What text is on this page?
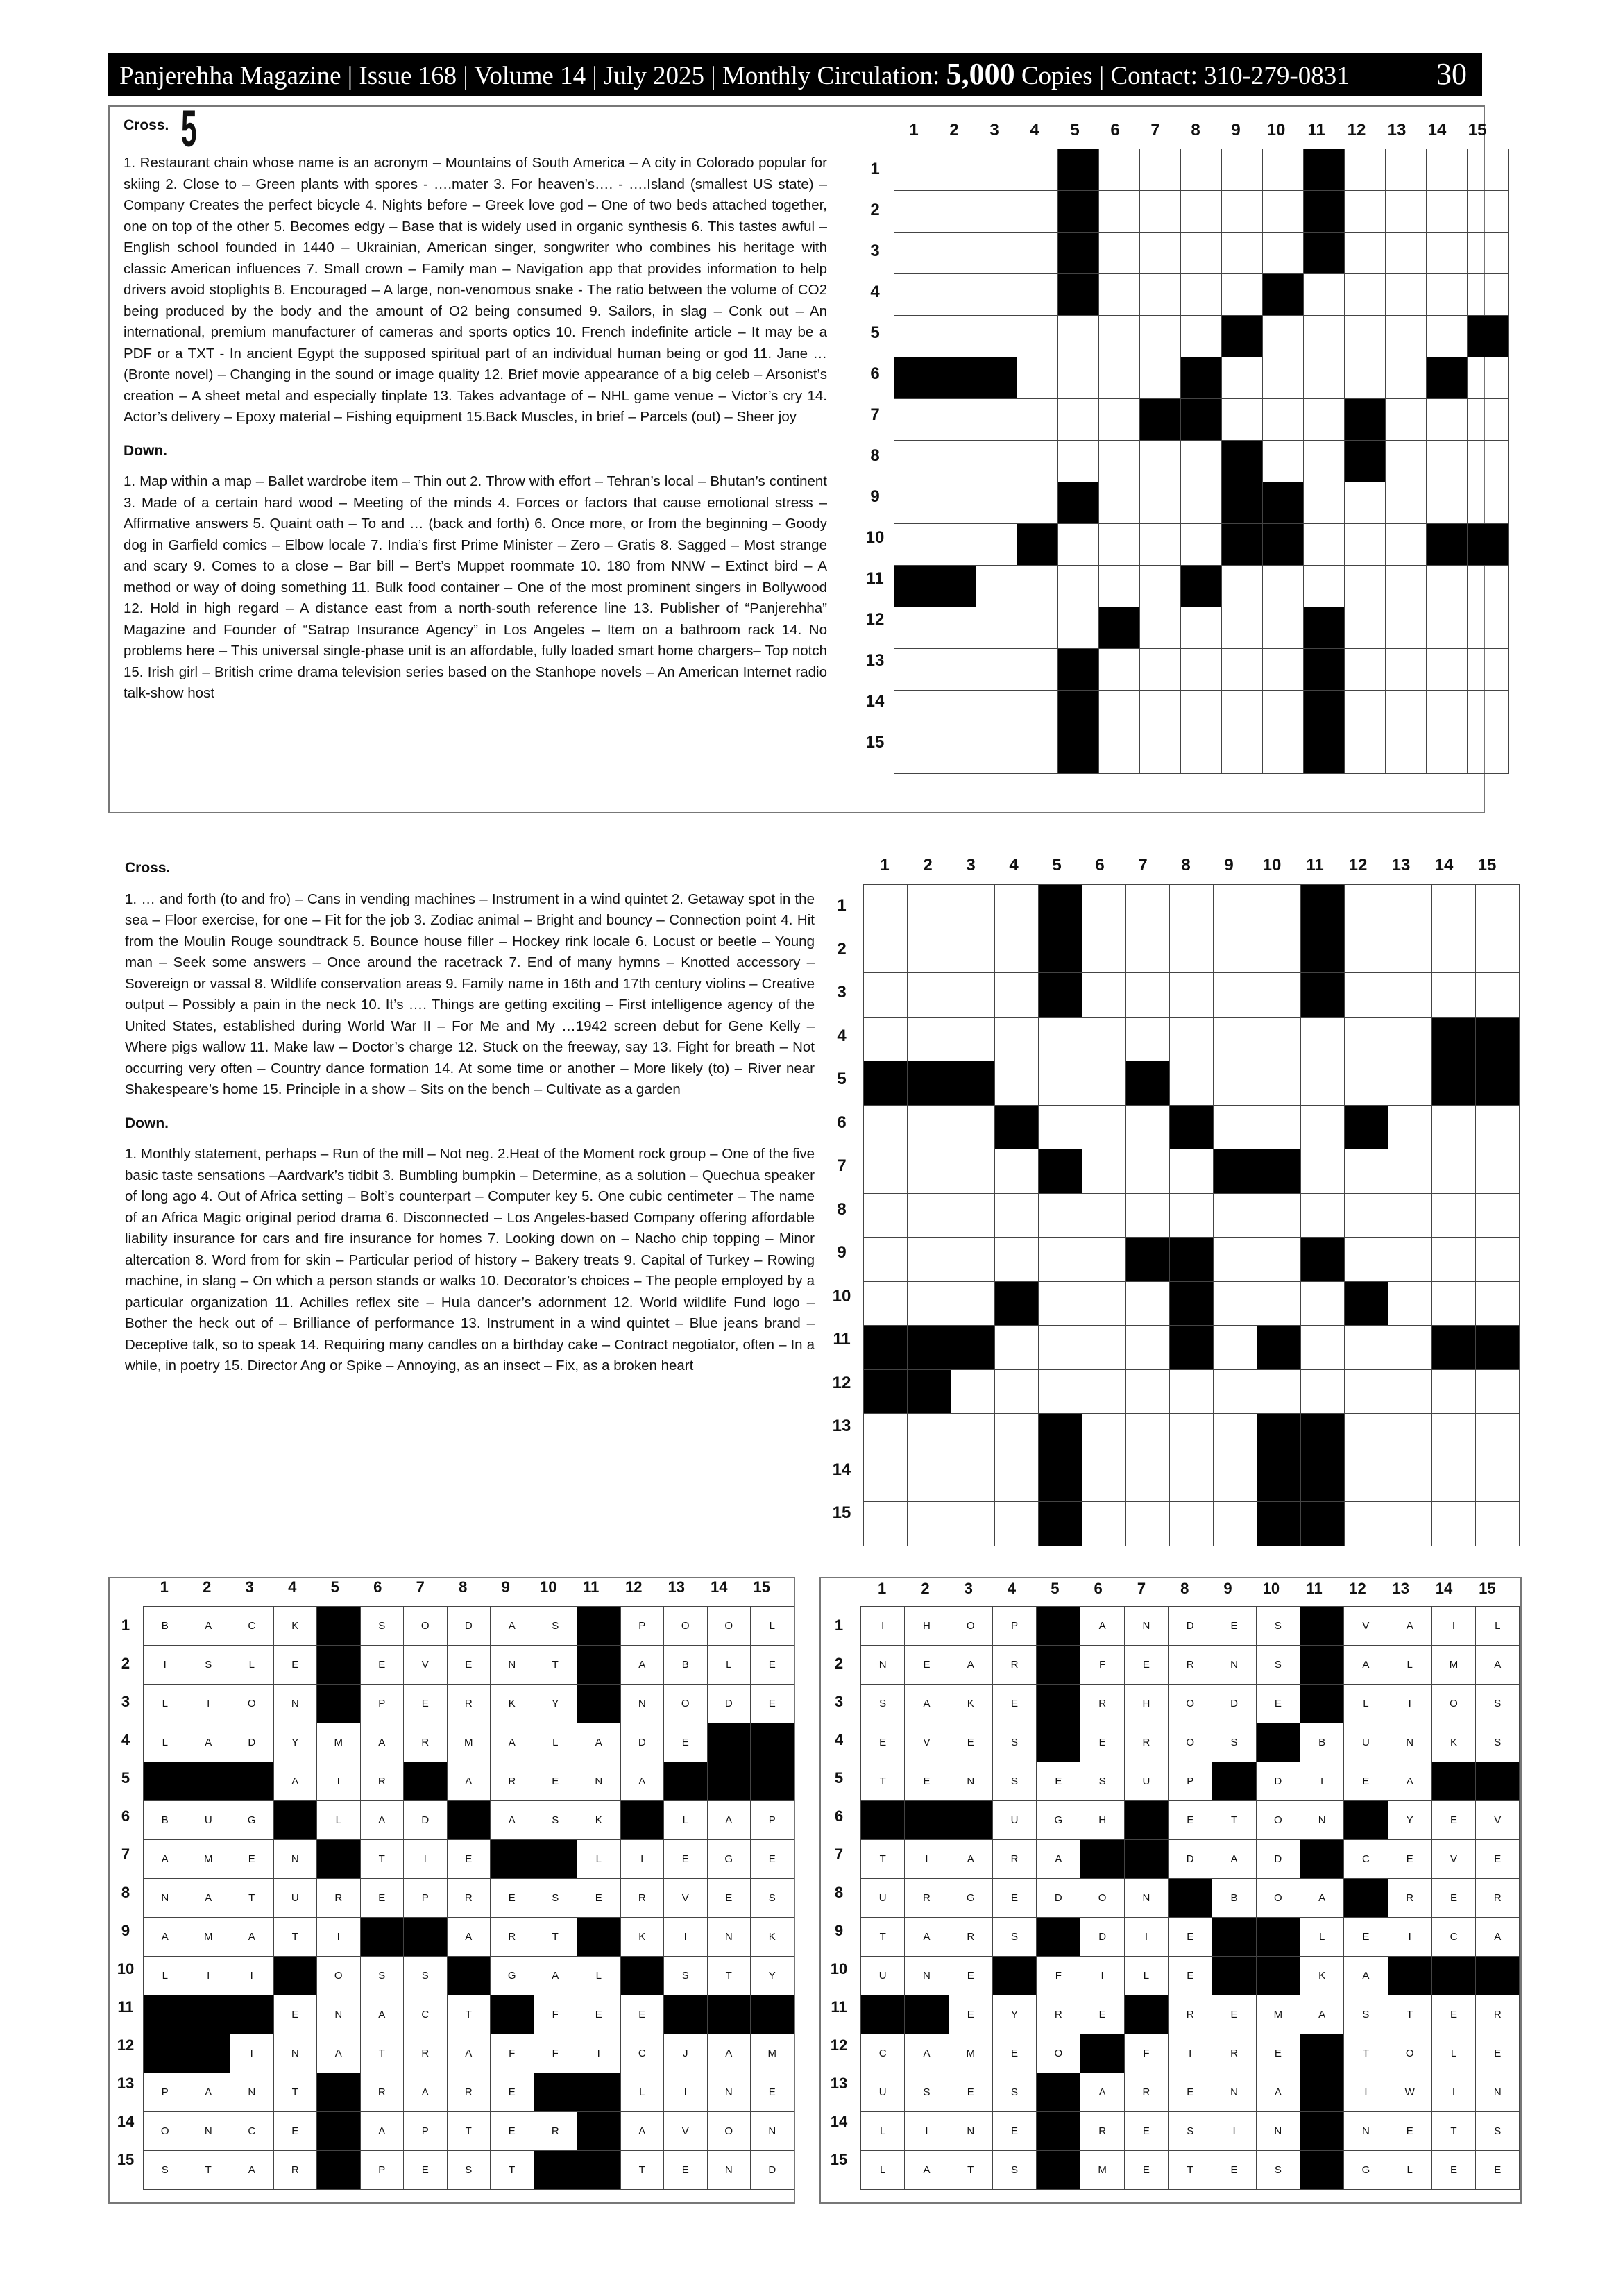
Panjerehha Magazine | Issue 168 | Volume 14 | July 2025 | Monthly Circulation: 5,000 Copies | Contact: 310-279-0831	30
Cross. 5

1. Restaurant chain whose name is an acronym – Mountains of South America – A city in Colorado popular for skiing 2. Close to – Green plants with spores - ….mater 3. For heaven’s…. - ….Island (smallest US state) – Company Creates the perfect bicycle 4. Nights before – Greek love god – One of two beds attached together, one on top of the other 5. Becomes edgy – Base that is widely used in organic synthesis 6. This tastes awful – English school founded in 1440 – Ukrainian, American singer, songwriter who combines his heritage with classic American influences 7. Small crown – Family man – Navigation app that provides information to help drivers avoid stoplights 8. Encouraged – A large, non-venomous snake - The ratio between the volume of CO2 being produced by the body and the amount of O2 being consumed 9. Sailors, in slag – Conk out – An international, premium manufacturer of cameras and sports optics 10. French indefinite article – It may be a PDF or a TXT - In ancient Egypt the supposed spiritual part of an individual human being or god 11. Jane … (Bronte novel) – Changing in the sound or image quality 12. Brief movie appearance of a big celeb – Arsonist’s creation – A sheet metal and especially tinplate 13. Takes advantage of – NHL game venue – Victor’s cry 14. Actor’s delivery – Epoxy material – Fishing equipment 15.Back Muscles, in brief – Parcels (out) – Sheer joy

Down.

1. Map within a map – Ballet wardrobe item – Thin out 2. Throw with effort – Tehran’s local – Bhutan’s continent 3. Made of a certain hard wood – Meeting of the minds 4. Forces or factors that cause emotional stress – Affirmative answers 5. Quaint oath – To and … (back and forth) 6. Once more, or from the beginning – Goody dog in Garfield comics – Elbow locale 7. India’s first Prime Minister – Zero – Gratis 8. Sagged – Most strange and scary 9. Comes to a close – Bar bill – Bert’s Muppet roommate 10. 180 from NNW – Extinct bird – A method or way of doing something 11. Bulk food container – One of the most prominent singers in Bollywood 12. Hold in high regard – A distance east from a north-south reference line 13. Publisher of “Panjerehha” Magazine and Founder of “Satrap Insurance Agency” in Los Angeles – Item on a bathroom rack 14. No problems here – This universal single-phase unit is an affordable, fully loaded smart home chargers– Top notch 15. Irish girl – British crime drama television series based on the Stanhope novels – An American Internet radio talk-show host

1	2	3	4	5	6	7	8	9	10	11	12	13	14	15
1
2
3
4
5
6
7
8
9
10
11
12
13
14
15

Cross.

1. … and forth (to and fro) – Cans in vending machines – Instrument in a wind quintet 2. Getaway spot in the sea – Floor exercise, for one – Fit for the job 3. Zodiac animal – Bright and bouncy – Connection point 4. Hit from the Moulin Rouge soundtrack 5. Bounce house filler – Hockey rink locale 6. Locust or beetle – Young man – Seek some answers – Once around the racetrack 7. End of many hymns – Knotted accessory – Sovereign or vassal 8. Wildlife conservation areas 9. Family name in 16th and 17th century violins – Creative output – Possibly a pain in the neck 10. It’s …. Things are getting exciting – First intelligence agency of the United States, established during World War II – For Me and My …1942 screen debut for Gene Kelly – Where pigs wallow 11. Make law – Doctor’s charge 12. Stuck on the freeway, say 13. Fight for breath – Not occurring very often – Country dance formation 14. At some time or another – More likely (to) – River near Shakespeare’s home 15. Principle in a show – Sits on the bench – Cultivate as a garden

Down.

1. Monthly statement, perhaps – Run of the mill – Not neg. 2.Heat of the Moment rock group – One of the five basic taste sensations –Aardvark’s tidbit 3. Bumbling bumpkin – Determine, as a solution – Quechua speaker of long ago 4. Out of Africa setting – Bolt’s counterpart – Computer key 5. One cubic centimeter – The name of an Africa Magic original period drama 6. Disconnected – Los Angeles-based Company offering affordable liability insurance for cars and fire insurance for homes 7. Looking down on – Nacho chip topping – Minor altercation 8. Word from for skin – Particular period of history – Bakery treats 9. Capital of Turkey – Rowing machine, in slang – On which a person stands or walks 10. Decorator’s choices – The people employed by a particular organization 11. Achilles reflex site – Hula dancer’s adornment 12. World wildlife Fund logo – Bother the heck out of – Brilliance of performance 13. Instrument in a wind quintet – Blue jeans brand – Deceptive talk, so to speak 14. Requiring many candles on a birthday cake – Contract negotiator, often – In a while, in poetry 15. Director Ang or Spike – Annoying, as an insect – Fix, as a broken heart

1	2	3	4	5	6	7	8	9	10	11	12	13	14	15
1
2
3
4
5
6
7
8
9
10
11
12
13
14
15

1	2	3	4	5	6	7	8	9	10	11	12	13	14	15
1
2
3
4
5
6
7
8
9
10
11
12
13
14
15
B	A	C	K		S	O	D	A	S		P	O	O	L
I	S	L	E		E	V	E	N	T		A	B	L	E
L	I	O	N		P	E	R	K	Y		N	O	D	E
L	A	D	Y	M	A	R	M	A	L	A	D	E		
			A	I	R		A	R	E	N	A			
B	U	G		L	A	D		A	S	K		L	A	P
A	M	E	N		T	I	E			L	I	E	G	E
N	A	T	U	R	E	P	R	E	S	E	R	V	E	S
A	M	A	T	I			A	R	T		K	I	N	K
L	I	I		O	S	S		G	A	L		S	T	Y
			E	N	A	C	T		F	E	E			
		I	N	A	T	R	A	F	F	I	C	J	A	M
P	A	N	T		R	A	R	E			L	I	N	E
O	N	C	E		A	P	T	E	R		A	V	O	N
S	T	A	R		P	E	S	T			T	E	N	D
1	2	3	4	5	6	7	8	9	10	11	12	13	14	15
1
2
3
4
5
6
7
8
9
10
11
12
13
14
15
I	H	O	P		A	N	D	E	S		V	A	I	L
N	E	A	R		F	E	R	N	S		A	L	M	A
S	A	K	E		R	H	O	D	E		L	I	O	S
E	V	E	S		E	R	O	S		B	U	N	K	S
T	E	N	S	E	S	U	P		D	I	E	A		
			U	G	H		E	T	O	N		Y	E	V
T	I	A	R	A			D	A	D		C	E	V	E
U	R	G	E	D	O	N		B	O	A		R	E	R
T	A	R	S		D	I	E			L	E	I	C	A
U	N	E		F	I	L	E			K	A			
		E	Y	R	E		R	E	M	A	S	T	E	R
C	A	M	E	O		F	I	R	E		T	O	L	E
U	S	E	S		A	R	E	N	A		I	W	I	N
L	I	N	E		R	E	S	I	N		N	E	T	S
L	A	T	S		M	E	T	E	S		G	L	E	E
